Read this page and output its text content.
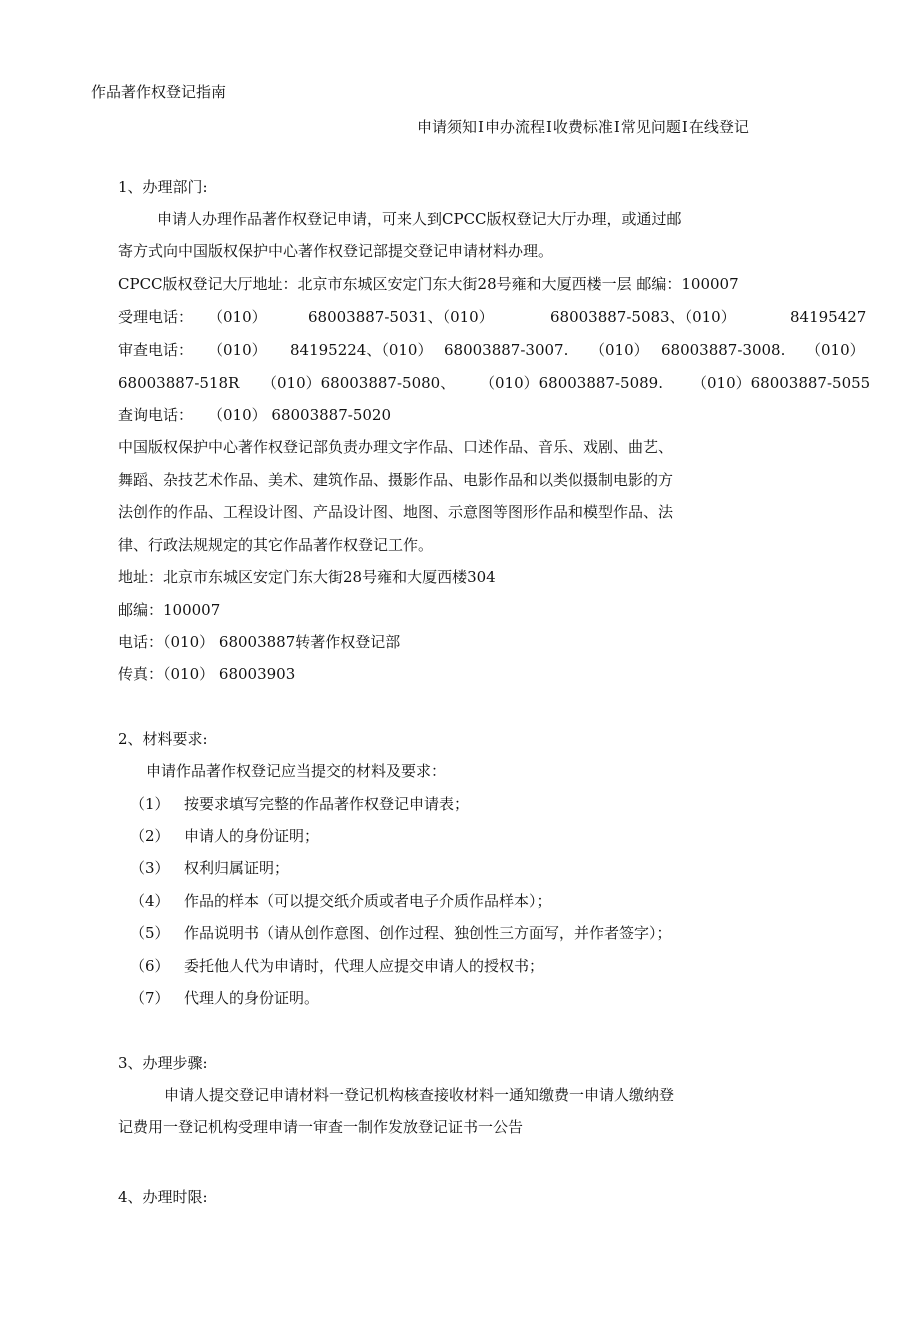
作品著作权登记指南
申请须知I申办流程I收费标准I常见问题I在线登记
1、办理部门:
申请人办理作品著作权登记申请，可来人到CPCC版权登记大厅办理，或通过邮
寄方式向中国版权保护中心著作权登记部提交登记申请材料办理。
CPCC版权登记大厅地址：北京市东城区安定门东大街28号雍和大厦西楼一层 邮编：100007
受理电话： （010）	68003887-5031、（010）	68003887-5083、（010）	84195427
审查电话： （010） 84195224、（010） 68003887-3007. （010） 68003887-3008. （010）
68003887-518R （010）68003887-5080、 （010）68003887-5089. （010）68003887-5055
查询电话： （010） 68003887-5020
中国版权保护中心著作权登记部负责办理文字作品、口述作品、音乐、戏剧、曲艺、
舞蹈、杂技艺术作品、美术、建筑作品、摄影作品、电影作品和以类似摄制电影的方
法创作的作品、工程设计图、产品设计图、地图、示意图等图形作品和模型作品、法
律、行政法规规定的其它作品著作权登记工作。
地址：北京市东城区安定门东大街28号雍和大厦西楼304
邮编：100007
电话：（010） 68003887转著作权登记部
传真：（010） 68003903
2、材料要求:
申请作品著作权登记应当提交的材料及要求：
（1） 按要求填写完整的作品著作权登记申请表；
（2） 申请人的身份证明；
（3） 权利归属证明；
（4） 作品的样本（可以提交纸介质或者电子介质作品样本）；
（5） 作品说明书（请从创作意图、创作过程、独创性三方面写，并作者签字）；
（6） 委托他人代为申请时，代理人应提交申请人的授权书；
（7） 代理人的身份证明。
3、办理步骤:
申请人提交登记申请材料一登记机构核查接收材料一通知缴费一申请人缴纳登
记费用一登记机构受理申请一审查一制作发放登记证书一公告
4、办理时限:
